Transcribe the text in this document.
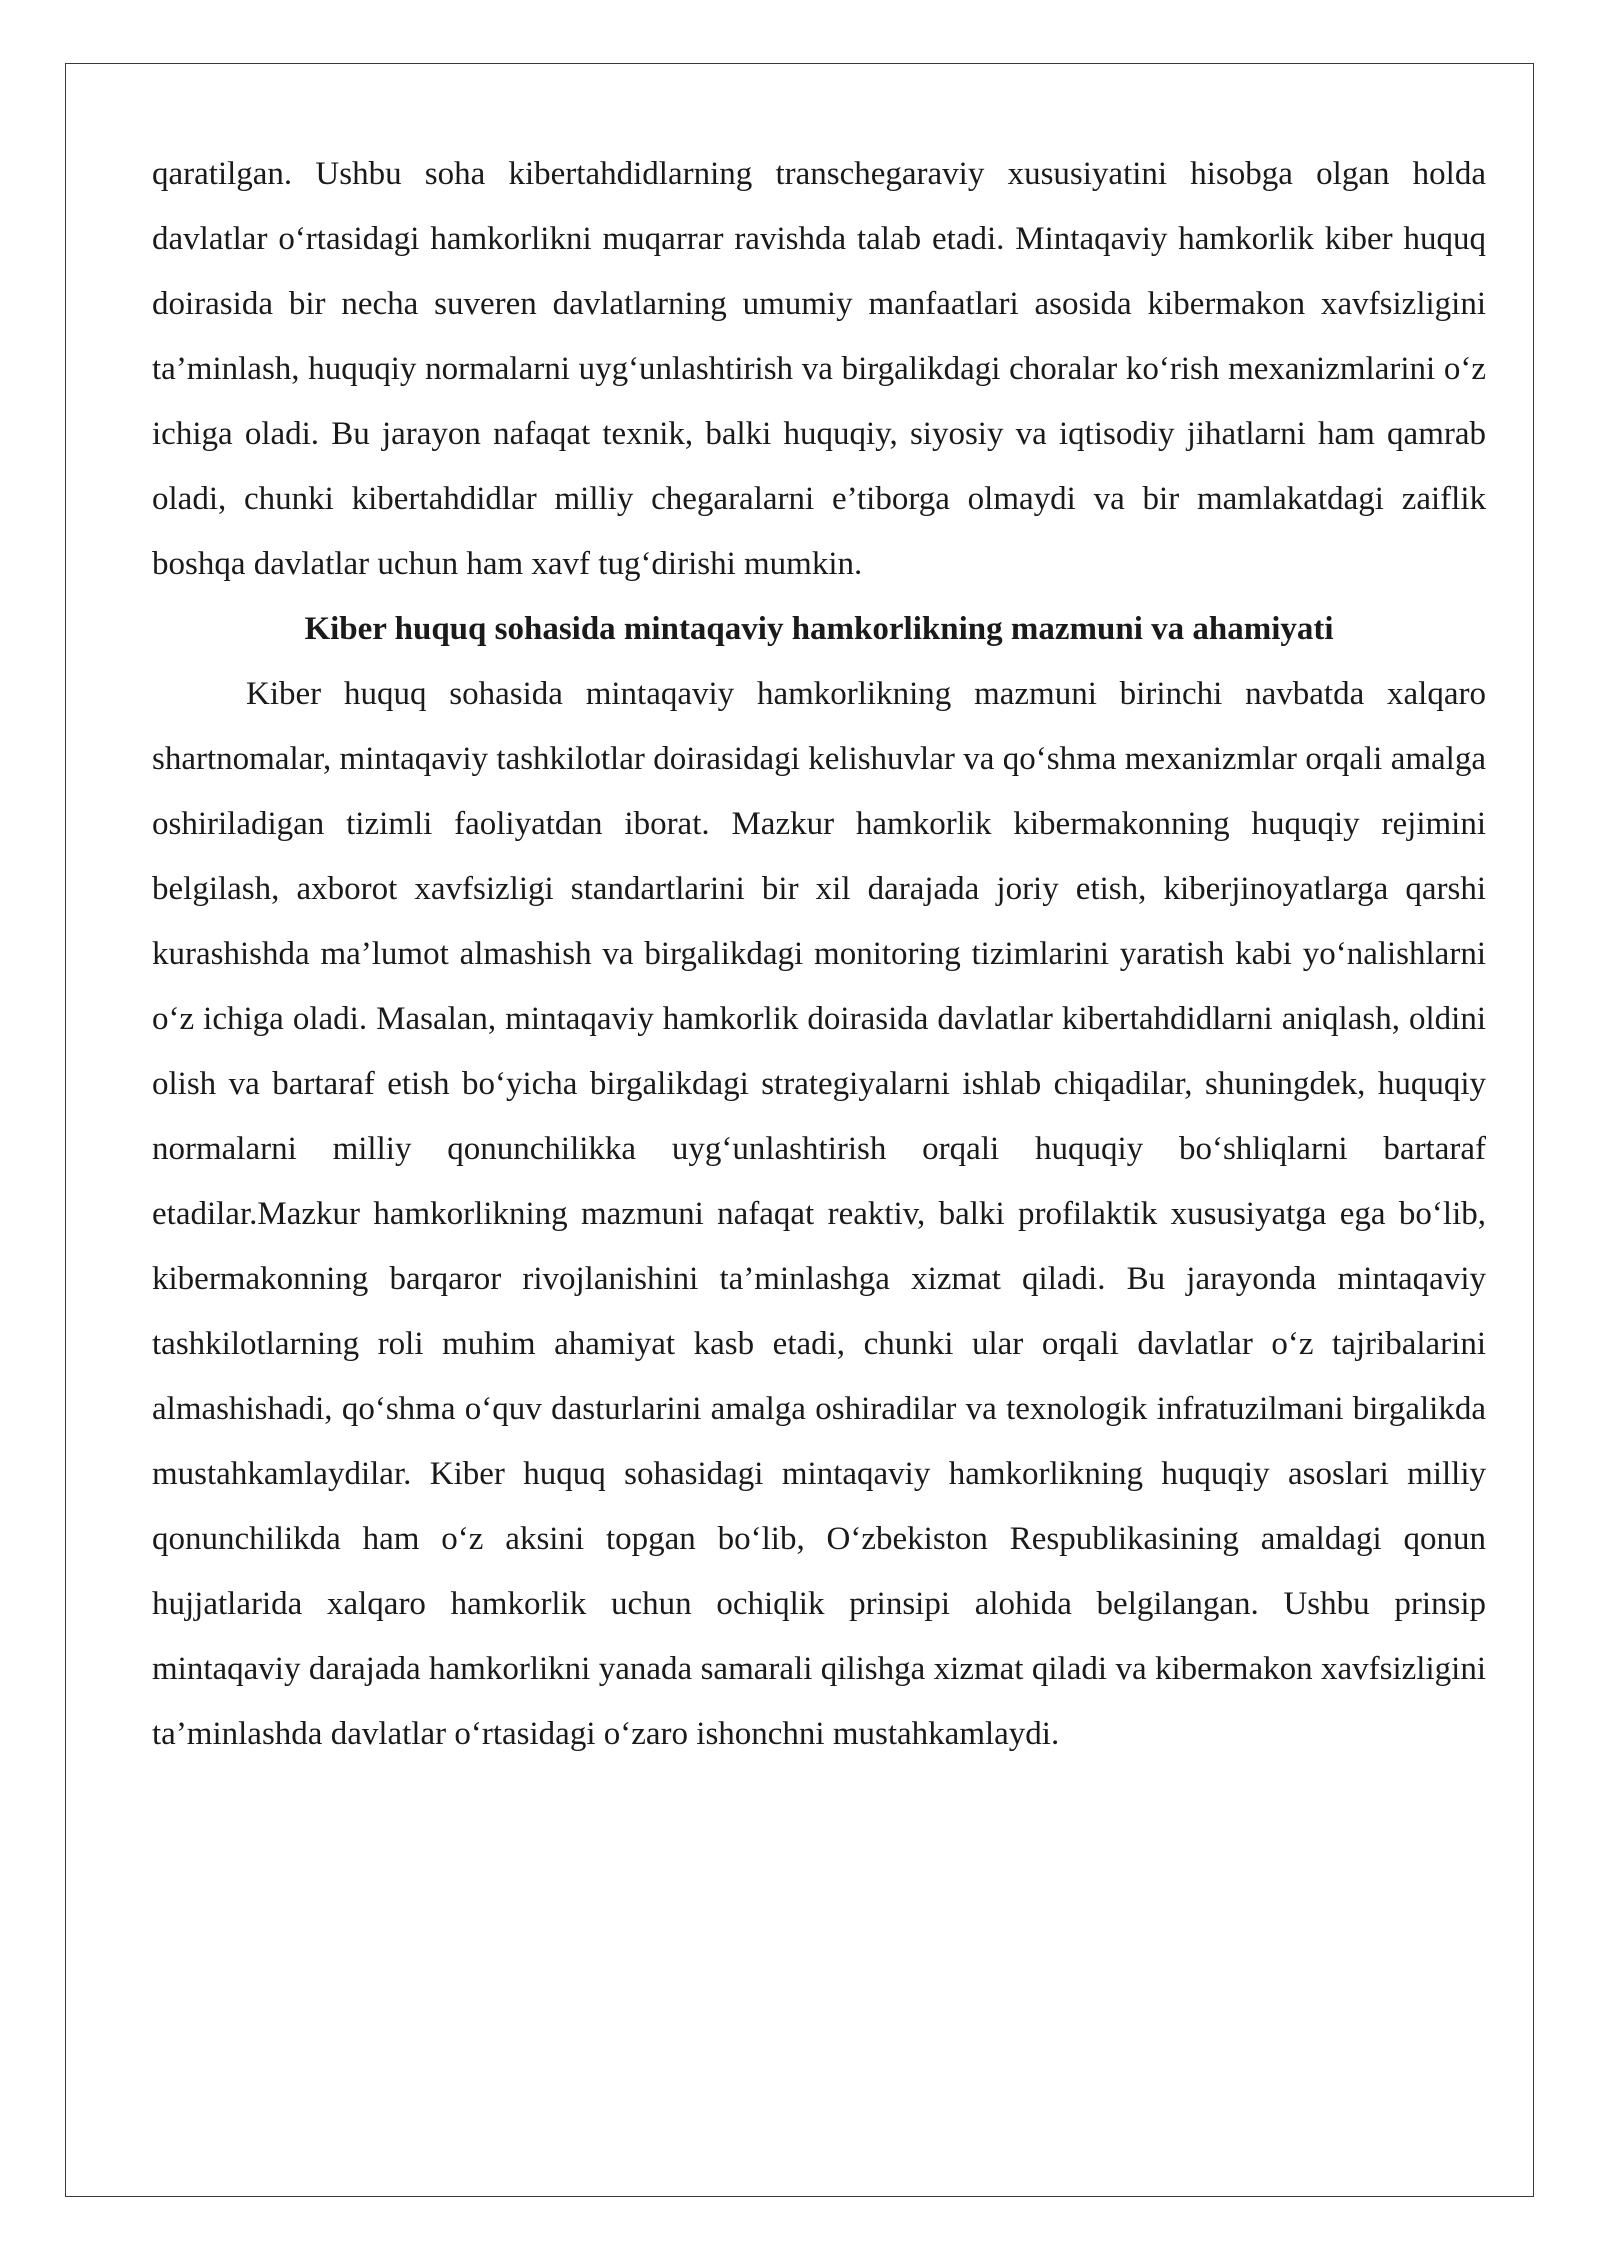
qaratilgan. Ushbu soha kibertahdidlarning transchegaraviy xususiyatini hisobga olgan holda davlatlar o‘rtasidagi hamkorlikni muqarrar ravishda talab etadi. Mintaqaviy hamkorlik kiber huquq doirasida bir necha suveren davlatlarning umumiy manfaatlari asosida kibermakon xavfsizligini ta’minlash, huquqiy normalarni uyg‘unlashtirish va birgalikdagi choralar ko‘rish mexanizmlarini o‘z ichiga oladi. Bu jarayon nafaqat texnik, balki huquqiy, siyosiy va iqtisodiy jihatlarni ham qamrab oladi, chunki kibertahdidlar milliy chegaralarni e’tiborga olmaydi va bir mamlakatdagi zaiflik boshqa davlatlar uchun ham xavf tug‘dirishi mumkin.

Kiber huquq sohasida mintaqaviy hamkorlikning mazmuni va ahamiyati

Kiber huquq sohasida mintaqaviy hamkorlikning mazmuni birinchi navbatda xalqaro shartnomalar, mintaqaviy tashkilotlar doirasidagi kelishuvlar va qo‘shma mexanizmlar orqali amalga oshiriladigan tizimli faoliyatdan iborat. Mazkur hamkorlik kibermakonning huquqiy rejimini belgilash, axborot xavfsizligi standartlarini bir xil darajada joriy etish, kiberjinoyatlarga qarshi kurashishda ma’lumot almashish va birgalikdagi monitoring tizimlarini yaratish kabi yo‘nalishlarni o‘z ichiga oladi. Masalan, mintaqaviy hamkorlik doirasida davlatlar kibertahdidlarni aniqlash, oldini olish va bartaraf etish bo‘yicha birgalikdagi strategiyalarni ishlab chiqadilar, shuningdek, huquqiy normalarni milliy qonunchilikka uyg‘unlashtirish orqali huquqiy bo‘shliqlarni bartaraf etadilar.Mazkur hamkorlikning mazmuni nafaqat reaktiv, balki profilaktik xususiyatga ega bo‘lib, kibermakonning barqaror rivojlanishini ta’minlashga xizmat qiladi. Bu jarayonda mintaqaviy tashkilotlarning roli muhim ahamiyat kasb etadi, chunki ular orqali davlatlar o‘z tajribalarini almashishadi, qo‘shma o‘quv dasturlarini amalga oshiradilar va texnologik infratuzilmani birgalikda mustahkamlaydilar. Kiber huquq sohasidagi mintaqaviy hamkorlikning huquqiy asoslari milliy qonunchilikda ham o‘z aksini topgan bo‘lib, O‘zbekiston Respublikasining amaldagi qonun hujjatlarida xalqaro hamkorlik uchun ochiqlik prinsipi alohida belgilangan. Ushbu prinsip mintaqaviy darajada hamkorlikni yanada samarali qilishga xizmat qiladi va kibermakon xavfsizligini ta’minlashda davlatlar o‘rtasidagi o‘zaro ishonchni mustahkamlaydi.
